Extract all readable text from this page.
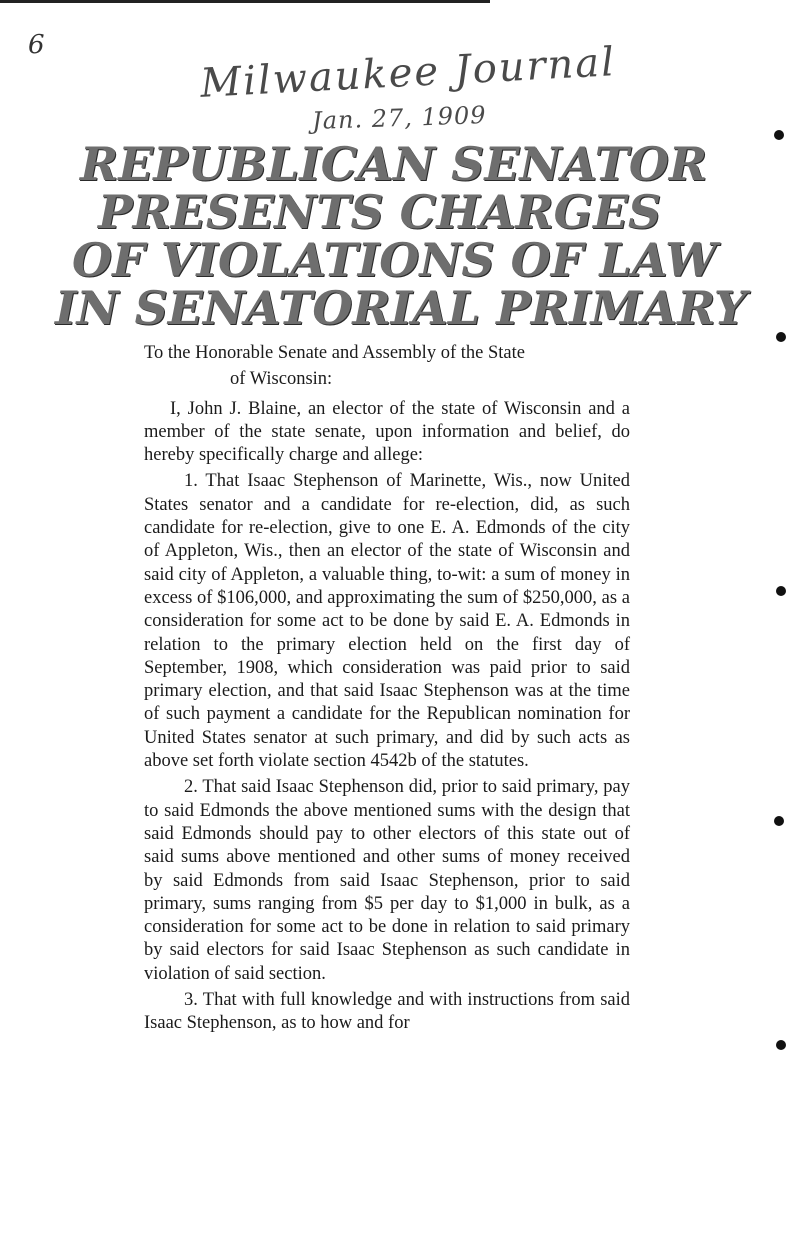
6	Milwaukee Journal
Jan. 27, 1909
REPUBLICAN SENATOR
PRESENTS CHARGES
OF VIOLATIONS OF LAW
IN SENATORIAL PRIMARY

To the Honorable Senate and Assembly of the State

of Wisconsin:

I, John J. Blaine, an elector of the state of Wisconsin and a member of the state senate, upon information and belief, do hereby specifically charge and allege:

1. That Isaac Stephenson of Marinette, Wis., now United States senator and a candidate for re-election, did, as such candidate for re-election, give to one E. A. Edmonds of the city of Appleton, Wis., then an elector of the state of Wisconsin and said city of Appleton, a valuable thing, to-wit: a sum of money in excess of $106,000, and approximating the sum of $250,000, as a consideration for some act to be done by said E. A. Edmonds in relation to the primary election held on the first day of September, 1908, which consideration was paid prior to said primary election, and that said Isaac Stephenson was at the time of such payment a candidate for the Republican nomination for United States senator at such primary, and did by such acts as above set forth violate section 4542b of the statutes.

2. That said Isaac Stephenson did, prior to said primary, pay to said Edmonds the above mentioned sums with the design that said Edmonds should pay to other electors of this state out of said sums above mentioned and other sums of money received by said Edmonds from said Isaac Stephenson, prior to said primary, sums ranging from $5 per day to $1,000 in bulk, as a consideration for some act to be done in relation to said primary by said electors for said Isaac Stephenson as such candidate in violation of said section.

3. That with full knowledge and with instructions from said Isaac Stephenson, as to how and for
